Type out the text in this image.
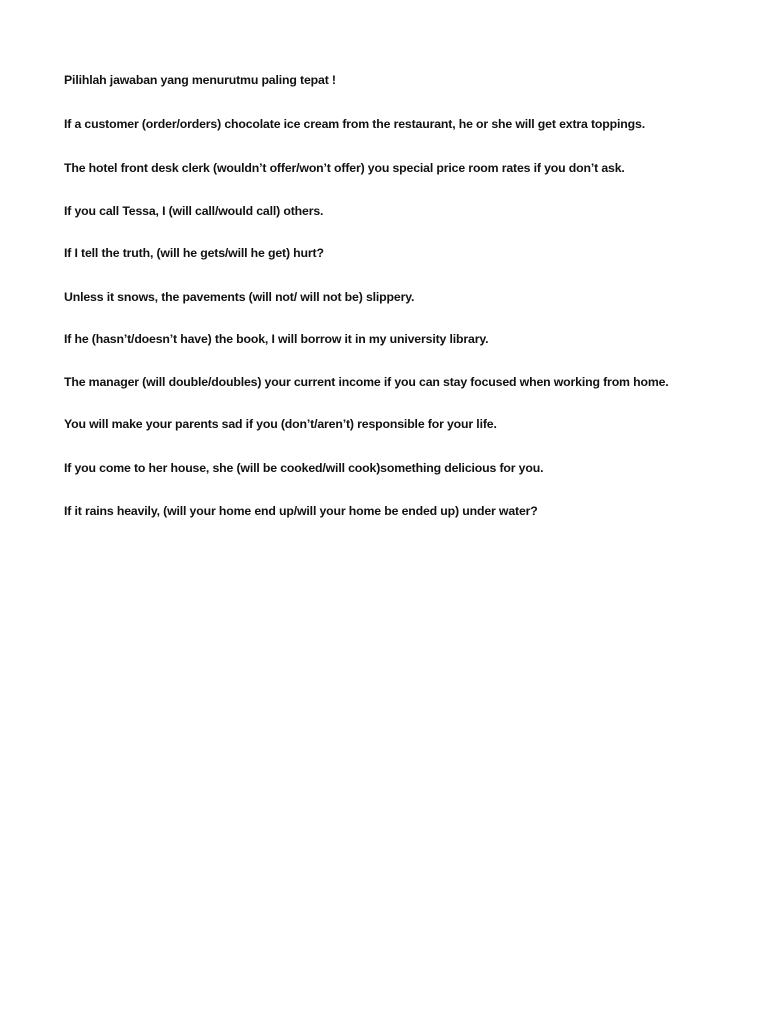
Pilihlah jawaban yang menurutmu paling tepat !

If a customer (order/orders) chocolate ice cream from the restaurant, he or she will get extra toppings.

The hotel front desk clerk (wouldn’t offer/won’t offer) you special price room rates if you don’t ask.

If you call Tessa, I (will call/would call) others.

If I tell the truth, (will he gets/will he get) hurt?

Unless it snows, the pavements (will not/ will not be) slippery.

If he (hasn’t/doesn’t have) the book, I will borrow it in my university library.

The manager (will double/doubles) your current income if you can stay focused when working from home.

You will make your parents sad if you (don’t/aren’t) responsible for your life.

If you come to her house, she (will be cooked/will cook)something delicious for you.

If it rains heavily, (will your home end up/will your home be ended up) under water?
